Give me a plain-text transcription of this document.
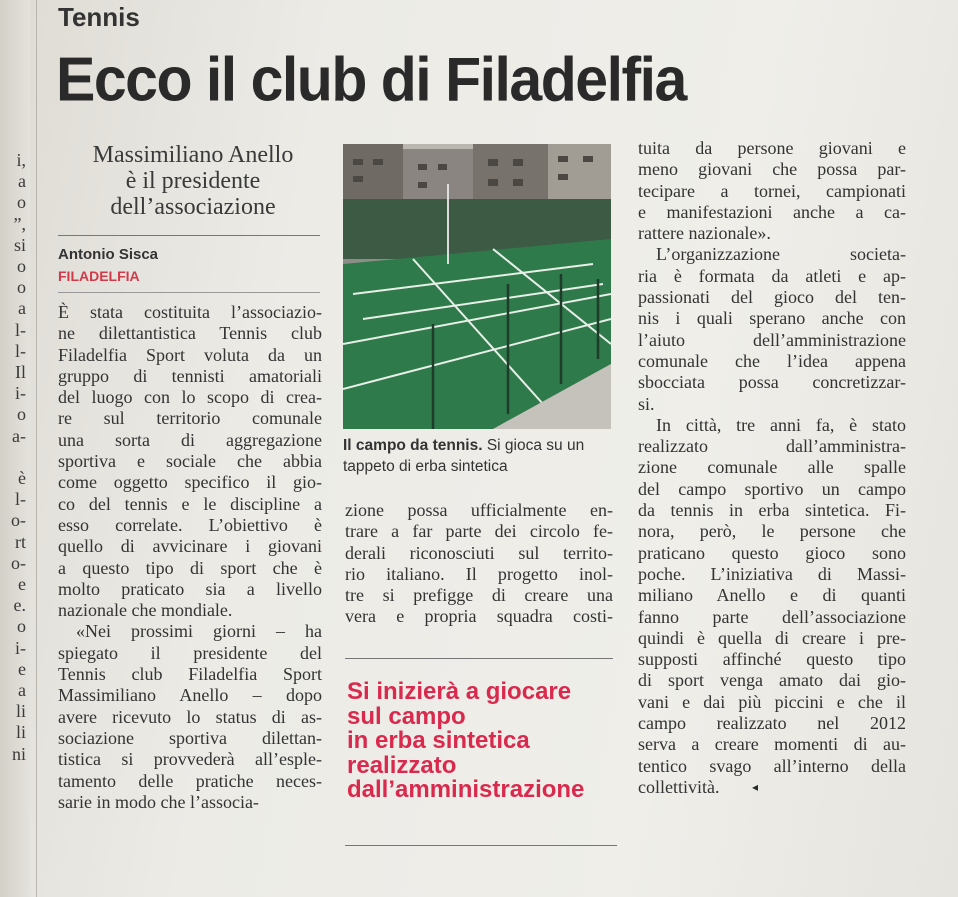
i,
a
o
”,
si
o
o
a
l-
l-
Il
i-
o
a-

è
l-
o-
rt
o-
e
e.
o
i-
e
a
li
li
ni
Tennis
Ecco il club di Filadelfia
Massimiliano Anello
è il presidente
dell’associazione
Antonio Sisca
FILADELFIA
È stata costituita l’associazio-
ne dilettantistica Tennis club
Filadelfia Sport voluta da un
gruppo di tennisti amatoriali
del luogo con lo scopo di crea-
re sul territorio comunale
una sorta di aggregazione
sportiva e sociale che abbia
come oggetto specifico il gio-
co del tennis e le discipline a
esso correlate. L’obiettivo è
quello di avvicinare i giovani
a questo tipo di sport che è
molto praticato sia a livello
nazionale che mondiale.
«Nei prossimi giorni – ha
spiegato il presidente del
Tennis club Filadelfia Sport
Massimiliano Anello – dopo
avere ricevuto lo status di as-
sociazione sportiva dilettan-
tistica si provvederà all’esple-
tamento delle pratiche neces-
sarie in modo che l’associa-
Il campo da tennis. Si gioca su un tappeto di erba sintetica
zione possa ufficialmente en-
trare a far parte dei circolo fe-
derali riconosciuti sul territo-
rio italiano. Il progetto inol-
tre si prefigge di creare una
vera e propria squadra costi-
Si inizierà a giocare
sul campo
in erba sintetica
realizzato
dall’amministrazione
tuita da persone giovani e
meno giovani che possa par-
tecipare a tornei, campionati
e manifestazioni anche a ca-
rattere nazionale».
L’organizzazione societa-
ria è formata da atleti e ap-
passionati del gioco del ten-
nis i quali sperano anche con
l’aiuto dell’amministrazione
comunale che l’idea appena
sbocciata possa concretizzar-
si.
In città, tre anni fa, è stato
realizzato dall’amministra-
zione comunale alle spalle
del campo sportivo un campo
da tennis in erba sintetica. Fi-
nora, però, le persone che
praticano questo gioco sono
poche. L’iniziativa di Massi-
miliano Anello e di quanti
fanno parte dell’associazione
quindi è quella di creare i pre-
supposti affinché questo tipo
di sport venga amato dai gio-
vani e dai più piccini e che il
campo realizzato nel 2012
serva a creare momenti di au-
tentico svago all’interno della
collettività.	◂
